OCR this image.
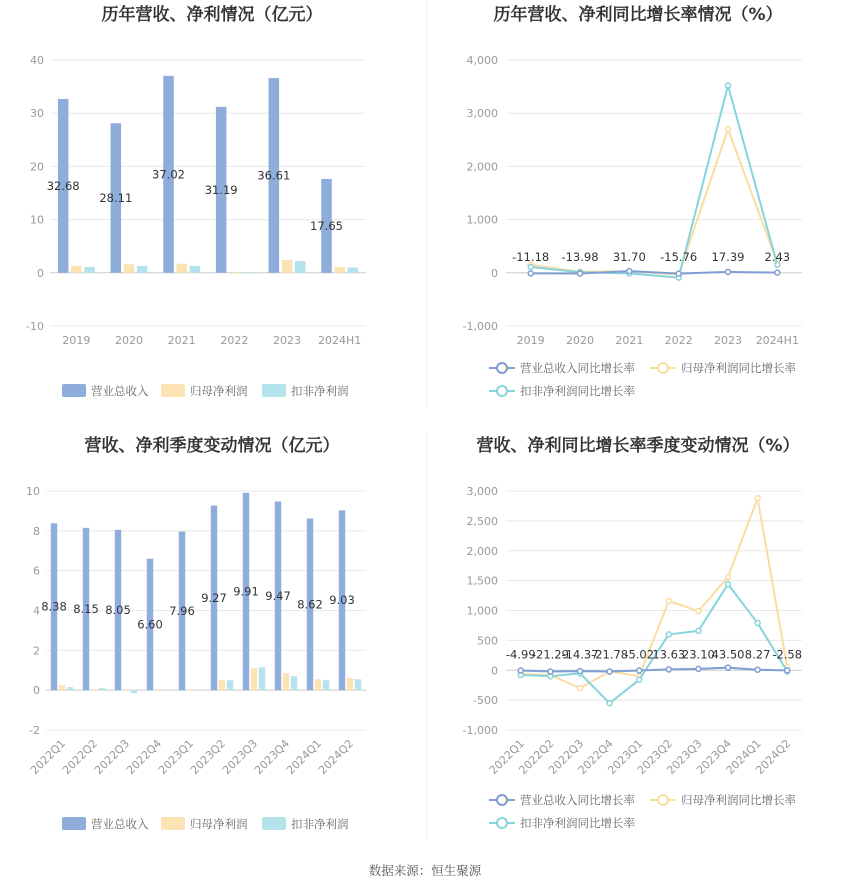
历年营收、净利情况（亿元）
40
30
20
10
0
-10
2019 2020 2021 2022 2023 2024H1
32.68
28.11
37.02
31.19
36.61
17.65
营业总收入	归母净利润	扣非净利润
历年营收、净利同比增长率情况（%）
4,000
3,000
2,000
1,000
0
-1,000
2019 2020 2021 2022 2023 2024H1
-11.18 -13.98 31.70 -15.76 17.39 2.43
营业总收入同比增长率	归母净利润同比增长率
扣非净利润同比增长率
营收、净利季度变动情况（亿元）
10
8
6
4
2
0
-2
2022Q1
2022Q2
2022Q3
2022Q4
2023Q1
2023Q2
2023Q3
2023Q4
2024Q1
2024Q2
8.38 8.15 8.05
6.60
7.96
9.27 9.91 9.47
8.62 9.03
营业总收入	归母净利润	扣非净利润
营收、净利同比增长率季度变动情况（%）
3,000
2,500
2,000
1,500
1,000
500
0
-500
-1,000
2022Q1
2022Q2
2022Q3
2022Q4
2023Q1
2023Q2
2023Q3
2023Q4
2024Q1
2024Q2
-4.99
-21.29
-14.37
-21.78
-5.02
13.63
23.10
43.50 8.27 -2.58
营业总收入同比增长率	归母净利润同比增长率
扣非净利润同比增长率
数据来源：恒生聚源
